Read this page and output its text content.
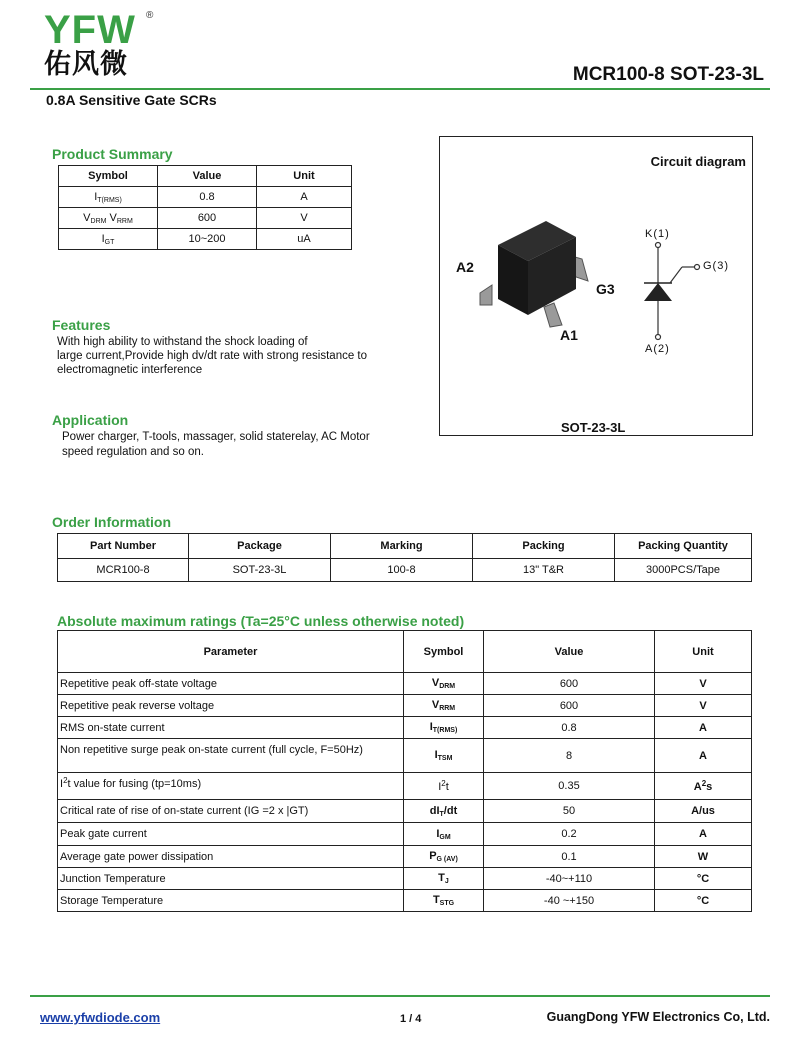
YFW
佑风微
®
MCR100-8 SOT-23-3L
0.8A Sensitive Gate SCRs
Product Summary
Symbol	Value	Unit
$I_{T(RMS)}$	0.8	A
$V_{DRM}$ $V_{RRM}$	600	V
$I_{GT}$	10~200	uA
Features
With high ability to withstand the shock loading of
large current,Provide high dv/dt rate with strong resistance to
electromagnetic interference
Application
Power charger, T-tools, massager, solid staterelay, AC Motor
speed regulation and so on.
Circuit diagram
A2
G3
A1
K(1)
G(3)
A(2)
SOT-23-3L
Order Information
Part Number	Package	Marking	Packing	Packing Quantity
MCR100-8	SOT-23-3L	100-8	13" T&R	3000PCS/Tape
Absolute maximum ratings (Ta=25°C unless otherwise noted)
Parameter	Symbol	Value	Unit
Repetitive peak off-state voltage	$V_{DRM}$	600	V
Repetitive peak reverse voltage	$V_{RRM}$	600	V
RMS on-state current	$I_{T(RMS)}$	0.8	A
Non repetitive surge peak on-state current (full cycle, F=50Hz)	$I_{TSM}$	8	A
$I^2t$ value for fusing (tp=10ms)	$I^2t$	0.35	$A^2s$
Critical rate of rise of on-state current (IG =2 x |GT)	$dI_T/dt$	50	A/us
Peak gate current	$I_{GM}$	0.2	A
Average gate power dissipation	$P_{G (AV)}$	0.1	W
Junction Temperature	$T_J$	-40~+110	°C
Storage Temperature	$T_{STG}$	-40 ~+150	°C
www.yfwdiode.com	1 / 4	GuangDong YFW Electronics Co, Ltd.
